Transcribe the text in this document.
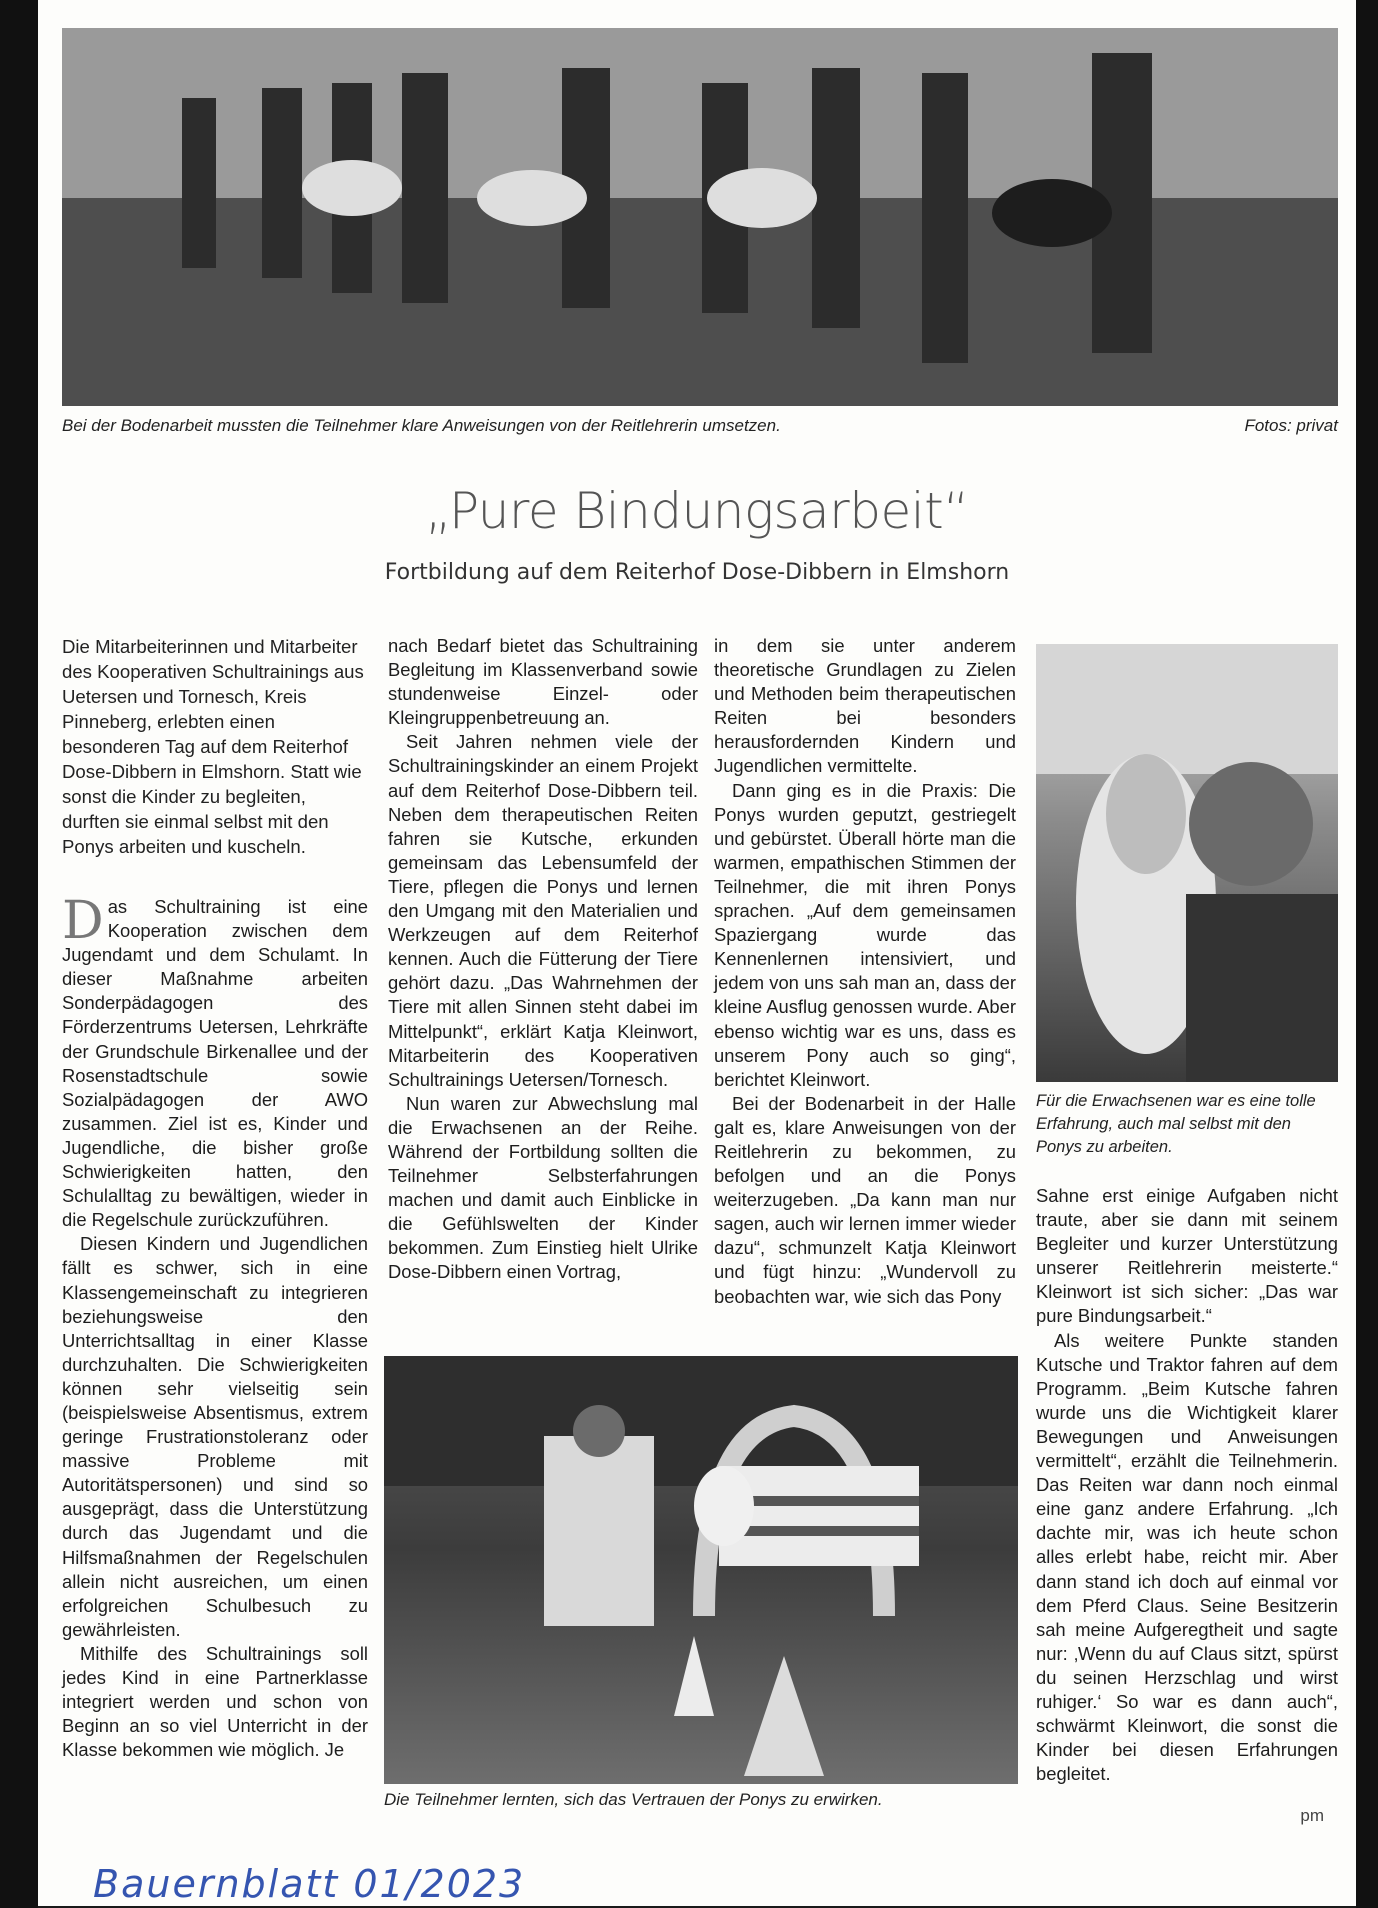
Bei der Bodenarbeit mussten die Teilnehmer klare Anweisungen von der Reitlehrerin umsetzen.	Fotos: privat
„Pure Bindungsarbeit“
Fortbildung auf dem Reiterhof Dose-Dibbern in Elmshorn

Die Mitarbeiterinnen und Mitarbeiter des Kooperativen Schultrainings aus Uetersen und Tornesch, Kreis Pinneberg, erlebten einen besonderen Tag auf dem Reiterhof Dose-Dibbern in Elmshorn. Statt wie sonst die Kinder zu begleiten, durften sie einmal selbst mit den Ponys arbeiten und kuscheln.

Das Schultraining ist eine Kooperation zwischen dem Jugendamt und dem Schulamt. In dieser Maßnahme arbeiten Sonderpädagogen des Förderzentrums Uetersen, Lehrkräfte der Grundschule Birkenallee und der Rosenstadtschule sowie Sozialpädagogen der AWO zusammen. Ziel ist es, Kinder und Jugendliche, die bisher große Schwierigkeiten hatten, den Schulalltag zu bewältigen, wieder in die Regelschule zurückzuführen.

Diesen Kindern und Jugendlichen fällt es schwer, sich in eine Klassengemeinschaft zu integrieren beziehungsweise den Unterrichtsalltag in einer Klasse durchzuhalten. Die Schwierigkeiten können sehr vielseitig sein (beispielsweise Absentismus, extrem geringe Frustrationstoleranz oder massive Probleme mit Autoritätspersonen) und sind so ausgeprägt, dass die Unterstützung durch das Jugendamt und die Hilfsmaßnahmen der Regelschulen allein nicht ausreichen, um einen erfolgreichen Schulbesuch zu gewährleisten.

Mithilfe des Schultrainings soll jedes Kind in eine Partnerklasse integriert werden und schon von Beginn an so viel Unterricht in der Klasse bekommen wie möglich. Je

nach Bedarf bietet das Schultraining Begleitung im Klassenverband sowie stundenweise Einzel- oder Kleingruppenbetreuung an.

Seit Jahren nehmen viele der Schultrainingskinder an einem Projekt auf dem Reiterhof Dose-Dibbern teil. Neben dem therapeutischen Reiten fahren sie Kutsche, erkunden gemeinsam das Lebensumfeld der Tiere, pflegen die Ponys und lernen den Umgang mit den Materialien und Werkzeugen auf dem Reiterhof kennen. Auch die Fütterung der Tiere gehört dazu. „Das Wahrnehmen der Tiere mit allen Sinnen steht dabei im Mittelpunkt“, erklärt Katja Kleinwort, Mitarbeiterin des Kooperativen Schultrainings Uetersen/Tornesch.

Nun waren zur Abwechslung mal die Erwachsenen an der Reihe. Während der Fortbildung sollten die Teilnehmer Selbsterfahrungen machen und damit auch Einblicke in die Gefühlswelten der Kinder bekommen. Zum Einstieg hielt Ulrike Dose-Dibbern einen Vortrag,

in dem sie unter anderem theoretische Grundlagen zu Zielen und Methoden beim therapeutischen Reiten bei besonders herausfordernden Kindern und Jugendlichen vermittelte.

Dann ging es in die Praxis: Die Ponys wurden geputzt, gestriegelt und gebürstet. Überall hörte man die warmen, empathischen Stimmen der Teilnehmer, die mit ihren Ponys sprachen. „Auf dem gemeinsamen Spaziergang wurde das Kennenlernen intensiviert, und jedem von uns sah man an, dass der kleine Ausflug genossen wurde. Aber ebenso wichtig war es uns, dass es unserem Pony auch so ging“, berichtet Kleinwort.

Bei der Bodenarbeit in der Halle galt es, klare Anweisungen von der Reitlehrerin zu bekommen, zu befolgen und an die Ponys weiterzugeben. „Da kann man nur sagen, auch wir lernen immer wieder dazu“, schmunzelt Katja Kleinwort und fügt hinzu: „Wundervoll zu beobachten war, wie sich das Pony

Für die Erwachsenen war es eine tolle Erfahrung, auch mal selbst mit den Ponys zu arbeiten.

Sahne erst einige Aufgaben nicht traute, aber sie dann mit seinem Begleiter und kurzer Unterstützung unserer Reitlehrerin meisterte.“ Kleinwort ist sich sicher: „Das war pure Bindungsarbeit.“

Als weitere Punkte standen Kutsche und Traktor fahren auf dem Programm. „Beim Kutsche fahren wurde uns die Wichtigkeit klarer Bewegungen und Anweisungen vermittelt“, erzählt die Teilnehmerin. Das Reiten war dann noch einmal eine ganz andere Erfahrung. „Ich dachte mir, was ich heute schon alles erlebt habe, reicht mir. Aber dann stand ich doch auf einmal vor dem Pferd Claus. Seine Besitzerin sah meine Aufgeregtheit und sagte nur: ‚Wenn du auf Claus sitzt, spürst du seinen Herzschlag und wirst ruhiger.‘ So war es dann auch“, schwärmt Kleinwort, die sonst die Kinder bei diesen Erfahrungen begleitet.

Die Teilnehmer lernten, sich das Vertrauen der Ponys zu erwirken.
pm
Bauernblatt 01/2023
